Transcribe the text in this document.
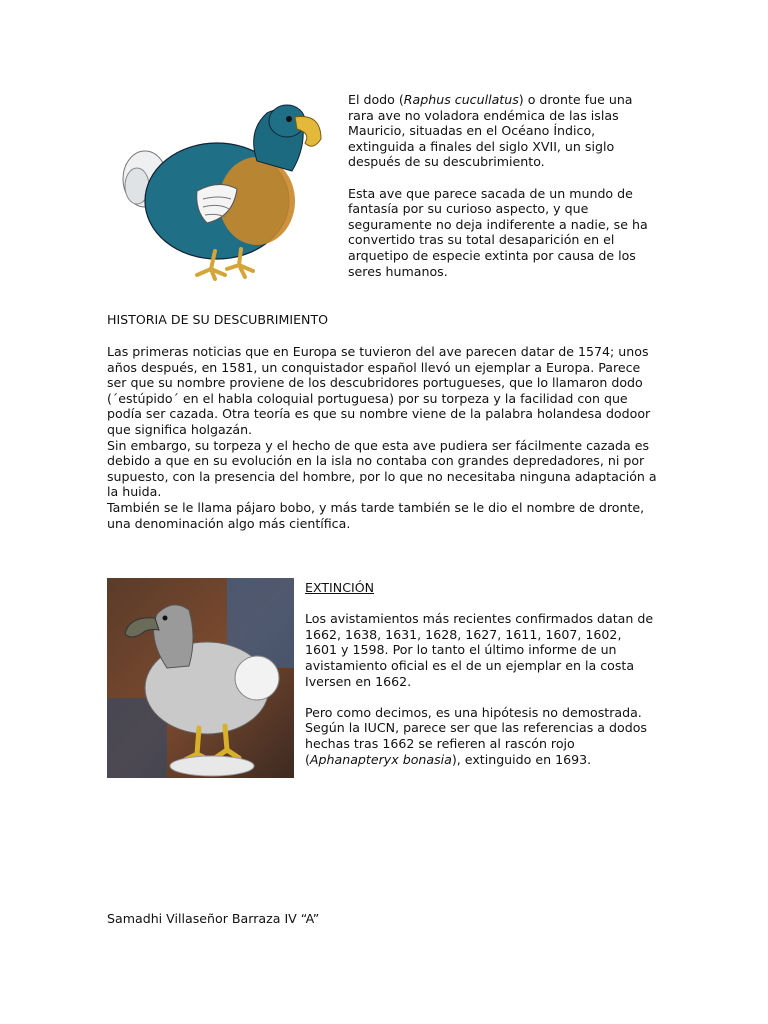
El dodo (Raphus cucullatus) o dronte fue una rara ave no voladora endémica de las islas Mauricio, situadas en el Océano Índico, extinguida a finales del siglo XVII, un siglo después de su descubrimiento.

Esta ave que parece sacada de un mundo de fantasía por su curioso aspecto, y que seguramente no deja indiferente a nadie, se ha convertido tras su total desaparición en el arquetipo de especie extinta por causa de los seres humanos.

HISTORIA DE SU DESCUBRIMIENTO

Las primeras noticias que en Europa se tuvieron del ave parecen datar de 1574; unos años después, en 1581, un conquistador español llevó un ejemplar a Europa. Parece ser que su nombre proviene de los descubridores portugueses, que lo llamaron dodo (´estúpido´ en el habla coloquial portuguesa) por su torpeza y la facilidad con que podía ser cazada. Otra teoría es que su nombre viene de la palabra holandesa dodoor que significa holgazán.

Sin embargo, su torpeza y el hecho de que esta ave pudiera ser fácilmente cazada es debido a que en su evolución en la isla no contaba con grandes depredadores, ni por supuesto, con la presencia del hombre, por lo que no necesitaba ninguna adaptación a la huida.

También se le llama pájaro bobo, y más tarde también se le dio el nombre de dronte, una denominación algo más científica.

EXTINCIÓN

Los avistamientos más recientes confirmados datan de 1662, 1638, 1631, 1628, 1627, 1611, 1607, 1602, 1601 y 1598. Por lo tanto el último informe de un avistamiento oficial es el de un ejemplar en la costa Iversen en 1662.

Pero como decimos, es una hipótesis no demostrada. Según la IUCN, parece ser que las referencias a dodos hechas tras 1662 se refieren al rascón rojo (Aphanapteryx bonasia), extinguido en 1693.

Samadhi Villaseñor Barraza IV “A”
